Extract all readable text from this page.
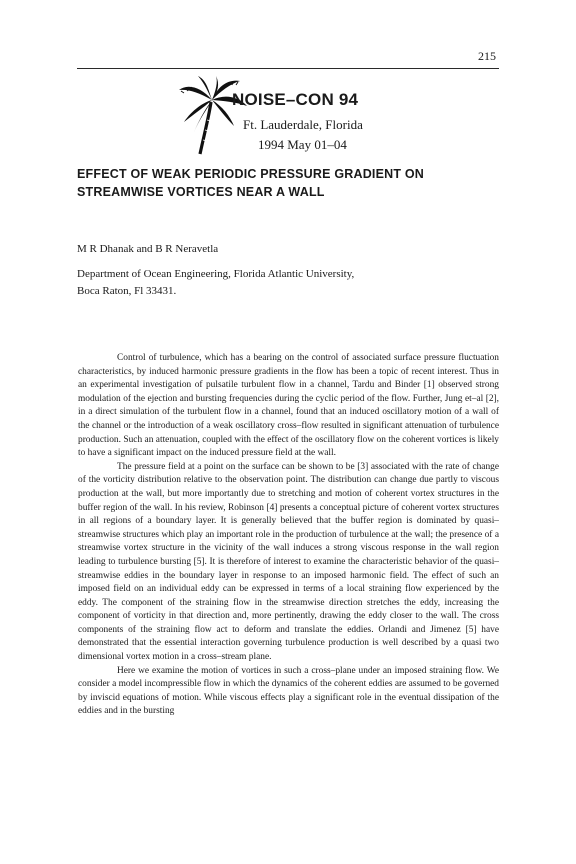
215
NOISE–CON 94
Ft. Lauderdale, Florida
1994 May 01–04
EFFECT OF WEAK PERIODIC PRESSURE GRADIENT ON STREAMWISE VORTICES NEAR A WALL
M R Dhanak and B R Neravetla
Department of Ocean Engineering, Florida Atlantic University,
Boca Raton, Fl 33431.

Control of turbulence, which has a bearing on the control of associated surface pressure fluctuation characteristics, by induced harmonic pressure gradients in the flow has been a topic of recent interest. Thus in an experimental investigation of pulsatile turbulent flow in a channel, Tardu and Binder [1] observed strong modulation of the ejection and bursting frequencies during the cyclic period of the flow. Further, Jung et–al [2], in a direct simulation of the turbulent flow in a channel, found that an induced oscillatory motion of a wall of the channel or the introduction of a weak oscillatory cross–flow resulted in significant attenuation of turbulence production. Such an attenuation, coupled with the effect of the oscillatory flow on the coherent vortices is likely to have a significant impact on the induced pressure field at the wall.

The pressure field at a point on the surface can be shown to be [3] associated with the rate of change of the vorticity distribution relative to the observation point. The distribution can change due partly to viscous production at the wall, but more importantly due to stretching and motion of coherent vortex structures in the buffer region of the wall. In his review, Robinson [4] presents a conceptual picture of coherent vortex structures in all regions of a boundary layer. It is generally believed that the buffer region is dominated by quasi–streamwise structures which play an important role in the production of turbulence at the wall; the presence of a streamwise vortex structure in the vicinity of the wall induces a strong viscous response in the wall region leading to turbulence bursting [5]. It is therefore of interest to examine the characteristic behavior of the quasi–streamwise eddies in the boundary layer in response to an imposed harmonic field. The effect of such an imposed field on an individual eddy can be expressed in terms of a local straining flow experienced by the eddy. The component of the straining flow in the streamwise direction stretches the eddy, increasing the component of vorticity in that direction and, more pertinently, drawing the eddy closer to the wall. The cross components of the straining flow act to deform and translate the eddies. Orlandi and Jimenez [5] have demonstrated that the essential interaction governing turbulence production is well described by a quasi two dimensional vortex motion in a cross–stream plane.

Here we examine the motion of vortices in such a cross–plane under an imposed straining flow. We consider a model incompressible flow in which the dynamics of the coherent eddies are assumed to be governed by inviscid equations of motion. While viscous effects play a significant role in the eventual dissipation of the eddies and in the bursting
